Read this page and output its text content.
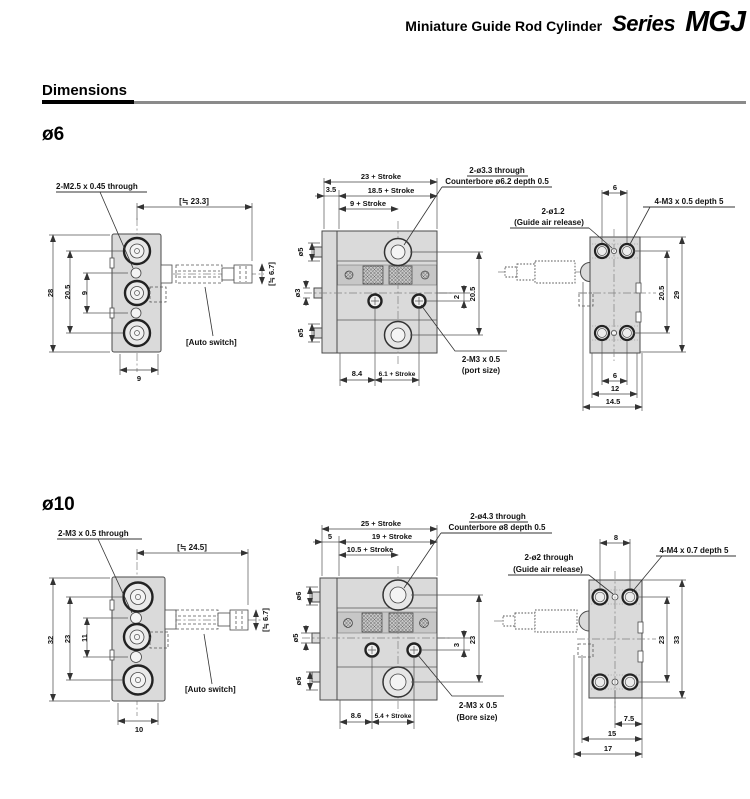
Miniature Guide Rod Cylinder Series MGJ
Dimensions
ø6
ø10
[≒ 23.3]
2-M2.5 x 0.45 through
28 20.5 9
9
[Auto switch]
[≒ 6.7]
23 + Stroke
3.5	18.5 + Stroke
9 + Stroke
2-ø3.3 through
Counterbore ø6.2 depth 0.5
ø5
ø3
ø5
8.4	6.1 + Stroke
2 20.5
2-M3 x 0.5
(port size)
6
4-M3 x 0.5 depth 5
2-ø1.2
(Guide air release)
20.5 29
6
12
14.5
[≒ 24.5]
2-M3 x 0.5 through
32 23 11
10
[Auto switch]
[≒ 6.7]
25 + Stroke
5	19 + Stroke
10.5 + Stroke
2-ø4.3 through
Counterbore ø8 depth 0.5
ø6
ø5
ø6
8.6 5.4 + Stroke
3
23
2-M3 x 0.5
(Bore size)
8
4-M4 x 0.7 depth 5
2-ø2 through
(Guide air release)
23 33
7.5
15
17
